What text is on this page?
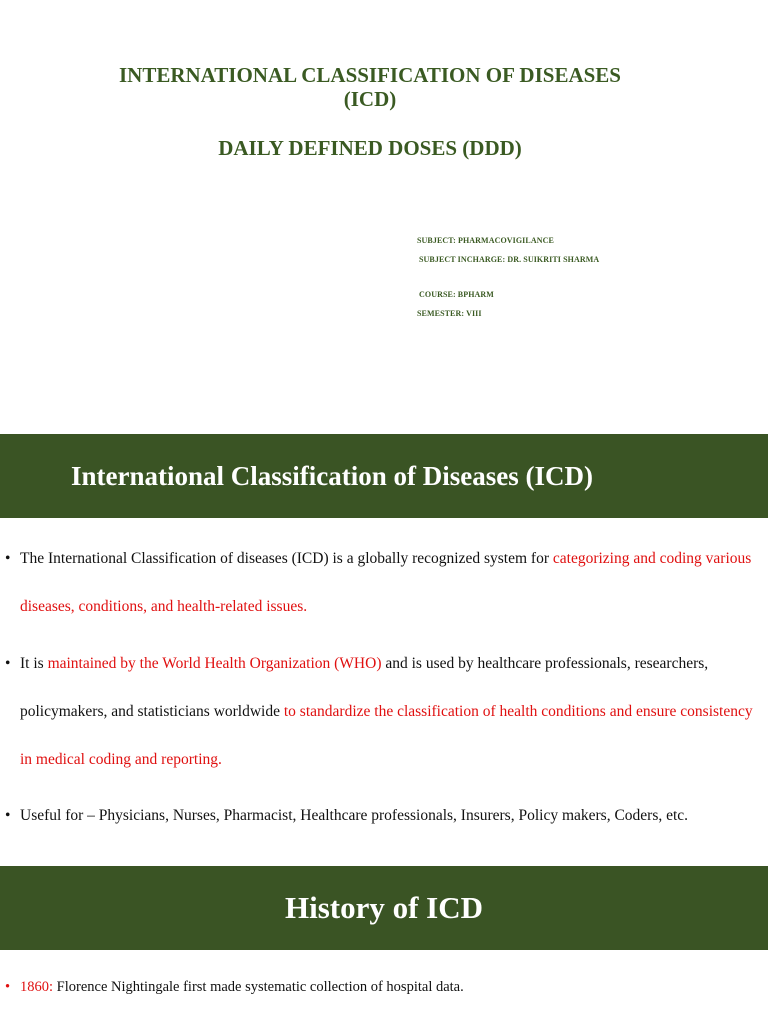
INTERNATIONAL CLASSIFICATION OF DISEASES
(ICD)
DAILY DEFINED DOSES (DDD)
SUBJECT: PHARMACOVIGILANCE
SUBJECT INCHARGE: DR. SUIKRITI SHARMA
COURSE: BPHARM
SEMESTER: VIII
International Classification of Diseases (ICD)
• The International Classification of diseases (ICD) is a globally recognized system for categorizing and coding various diseases, conditions, and health-related issues.
• It is maintained by the World Health Organization (WHO) and is used by healthcare professionals, researchers, policymakers, and statisticians worldwide to standardize the classification of health conditions and ensure consistency in medical coding and reporting.
• Useful for – Physicians, Nurses, Pharmacist, Healthcare professionals, Insurers, Policy makers, Coders, etc.
History of ICD
• 1860: Florence Nightingale first made systematic collection of hospital data.
